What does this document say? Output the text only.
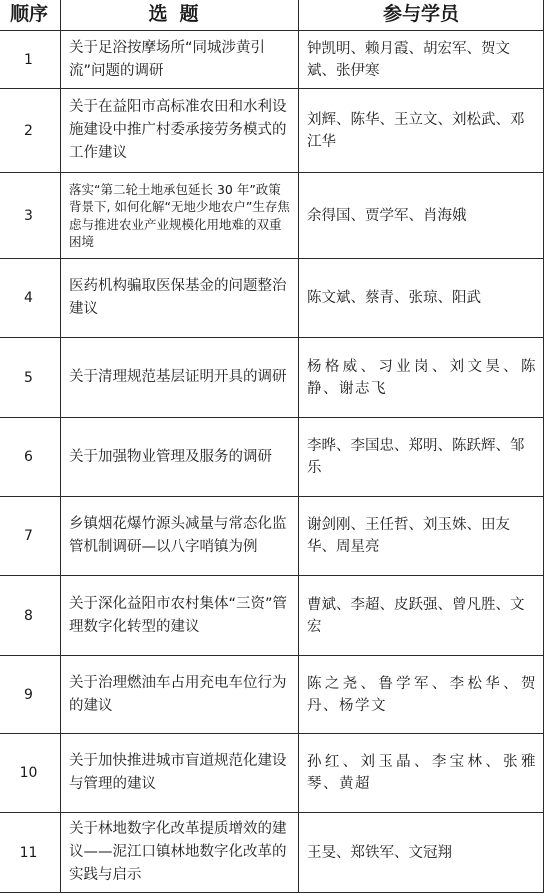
顺序	选题	参与学员
1	关于足浴按摩场所“同城涉黄引流”问题的调研	钟凯明、赖月霞、胡宏军、贺文斌、张伊寒
2	关于在益阳市高标准农田和水利设施建设中推广村委承接劳务模式的工作建议	刘辉、陈华、王立文、刘松武、邓江华
3	落实“第二轮土地承包延长 30 年”政策背景下, 如何化解“无地少地农户”生存焦虑与推进农业产业规模化用地难的双重困境	余得国、贾学军、肖海娥
4	医药机构骗取医保基金的问题整治建议	陈文斌、蔡青、张琼、阳武
5	关于清理规范基层证明开具的调研	杨格威、习业岗、刘文昊、陈静、谢志飞
6	关于加强物业管理及服务的调研	李晔、李国忠、郑明、陈跃辉、邹乐
7	乡镇烟花爆竹源头减量与常态化监管机制调研—以八字哨镇为例	谢剑刚、王任哲、刘玉姝、田友华、周星亮
8	关于深化益阳市农村集体“三资”管理数字化转型的建议	曹斌、李超、皮跃强、曾凡胜、文宏
9	关于治理燃油车占用充电车位行为的建议	陈之尧、鲁学军、李松华、贺丹、杨学文
10	关于加快推进城市盲道规范化建设与管理的建议	孙红、刘玉晶、李宝林、张雅琴、黄超
11	关于林地数字化改革提质增效的建议——泥江口镇林地数字化改革的实践与启示	王旻、郑铁军、文冠翔
